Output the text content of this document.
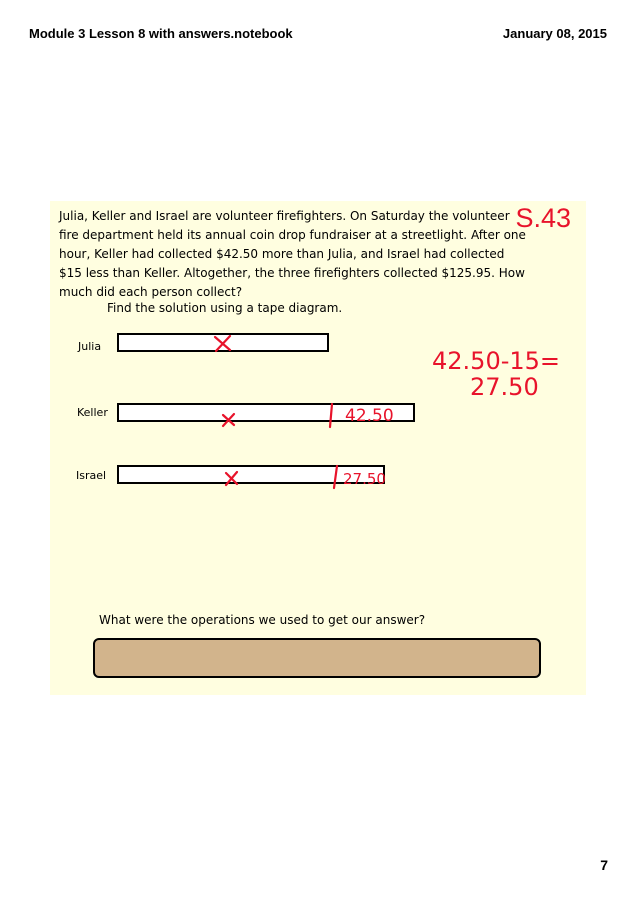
Module 3 Lesson 8 with answers.notebook	January 08, 2015
Julia, Keller and Israel are volunteer firefighters. On Saturday the volunteer fire department held its annual coin drop fundraiser at a streetlight. After one hour, Keller had collected $42.50 more than Julia, and Israel had collected $15 less than Keller. Altogether, the three firefighters collected $125.95. How much did each person collect?
S.43
Find the solution using a tape diagram.
Julia
Keller
Israel
What were the operations we used to get our answer?
42.50
27.50
42.50-15=
27.50
7
